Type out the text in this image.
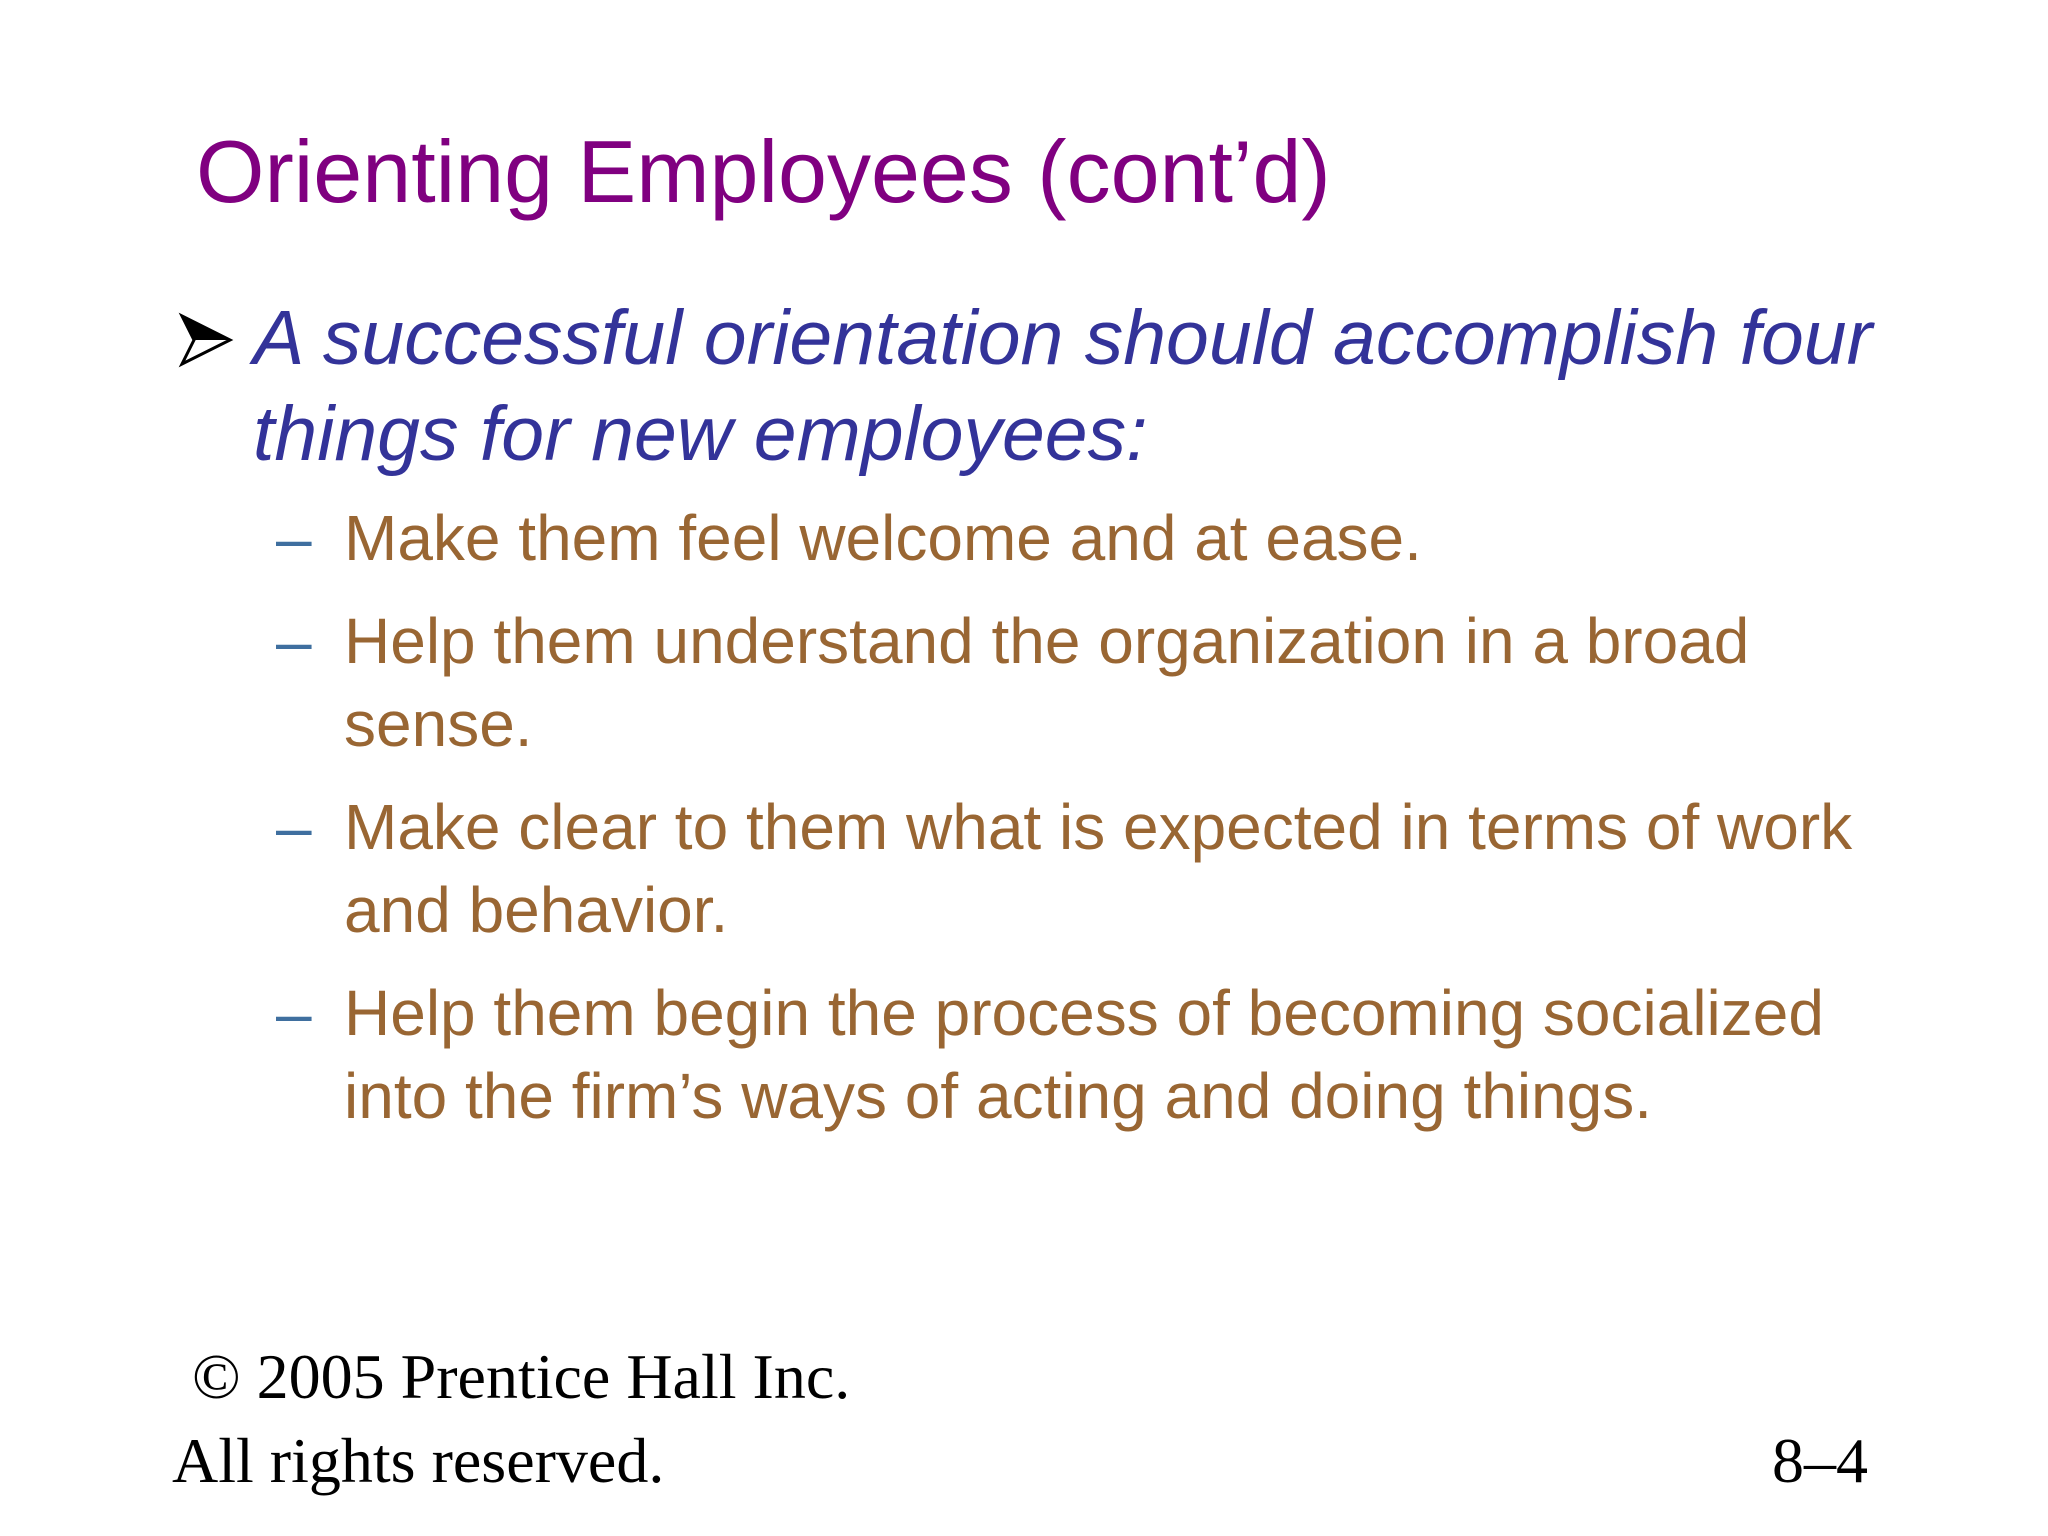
Orienting Employees (cont’d)
A successful orientation should accomplish four things for new employees:
– Make them feel welcome and at ease.
– Help them understand the organization in a broad sense.
– Make clear to them what is expected in terms of work and behavior.
– Help them begin the process of becoming socialized into the firm’s ways of acting and doing things.
© 2005 Prentice Hall Inc.
All rights reserved.	8–4
